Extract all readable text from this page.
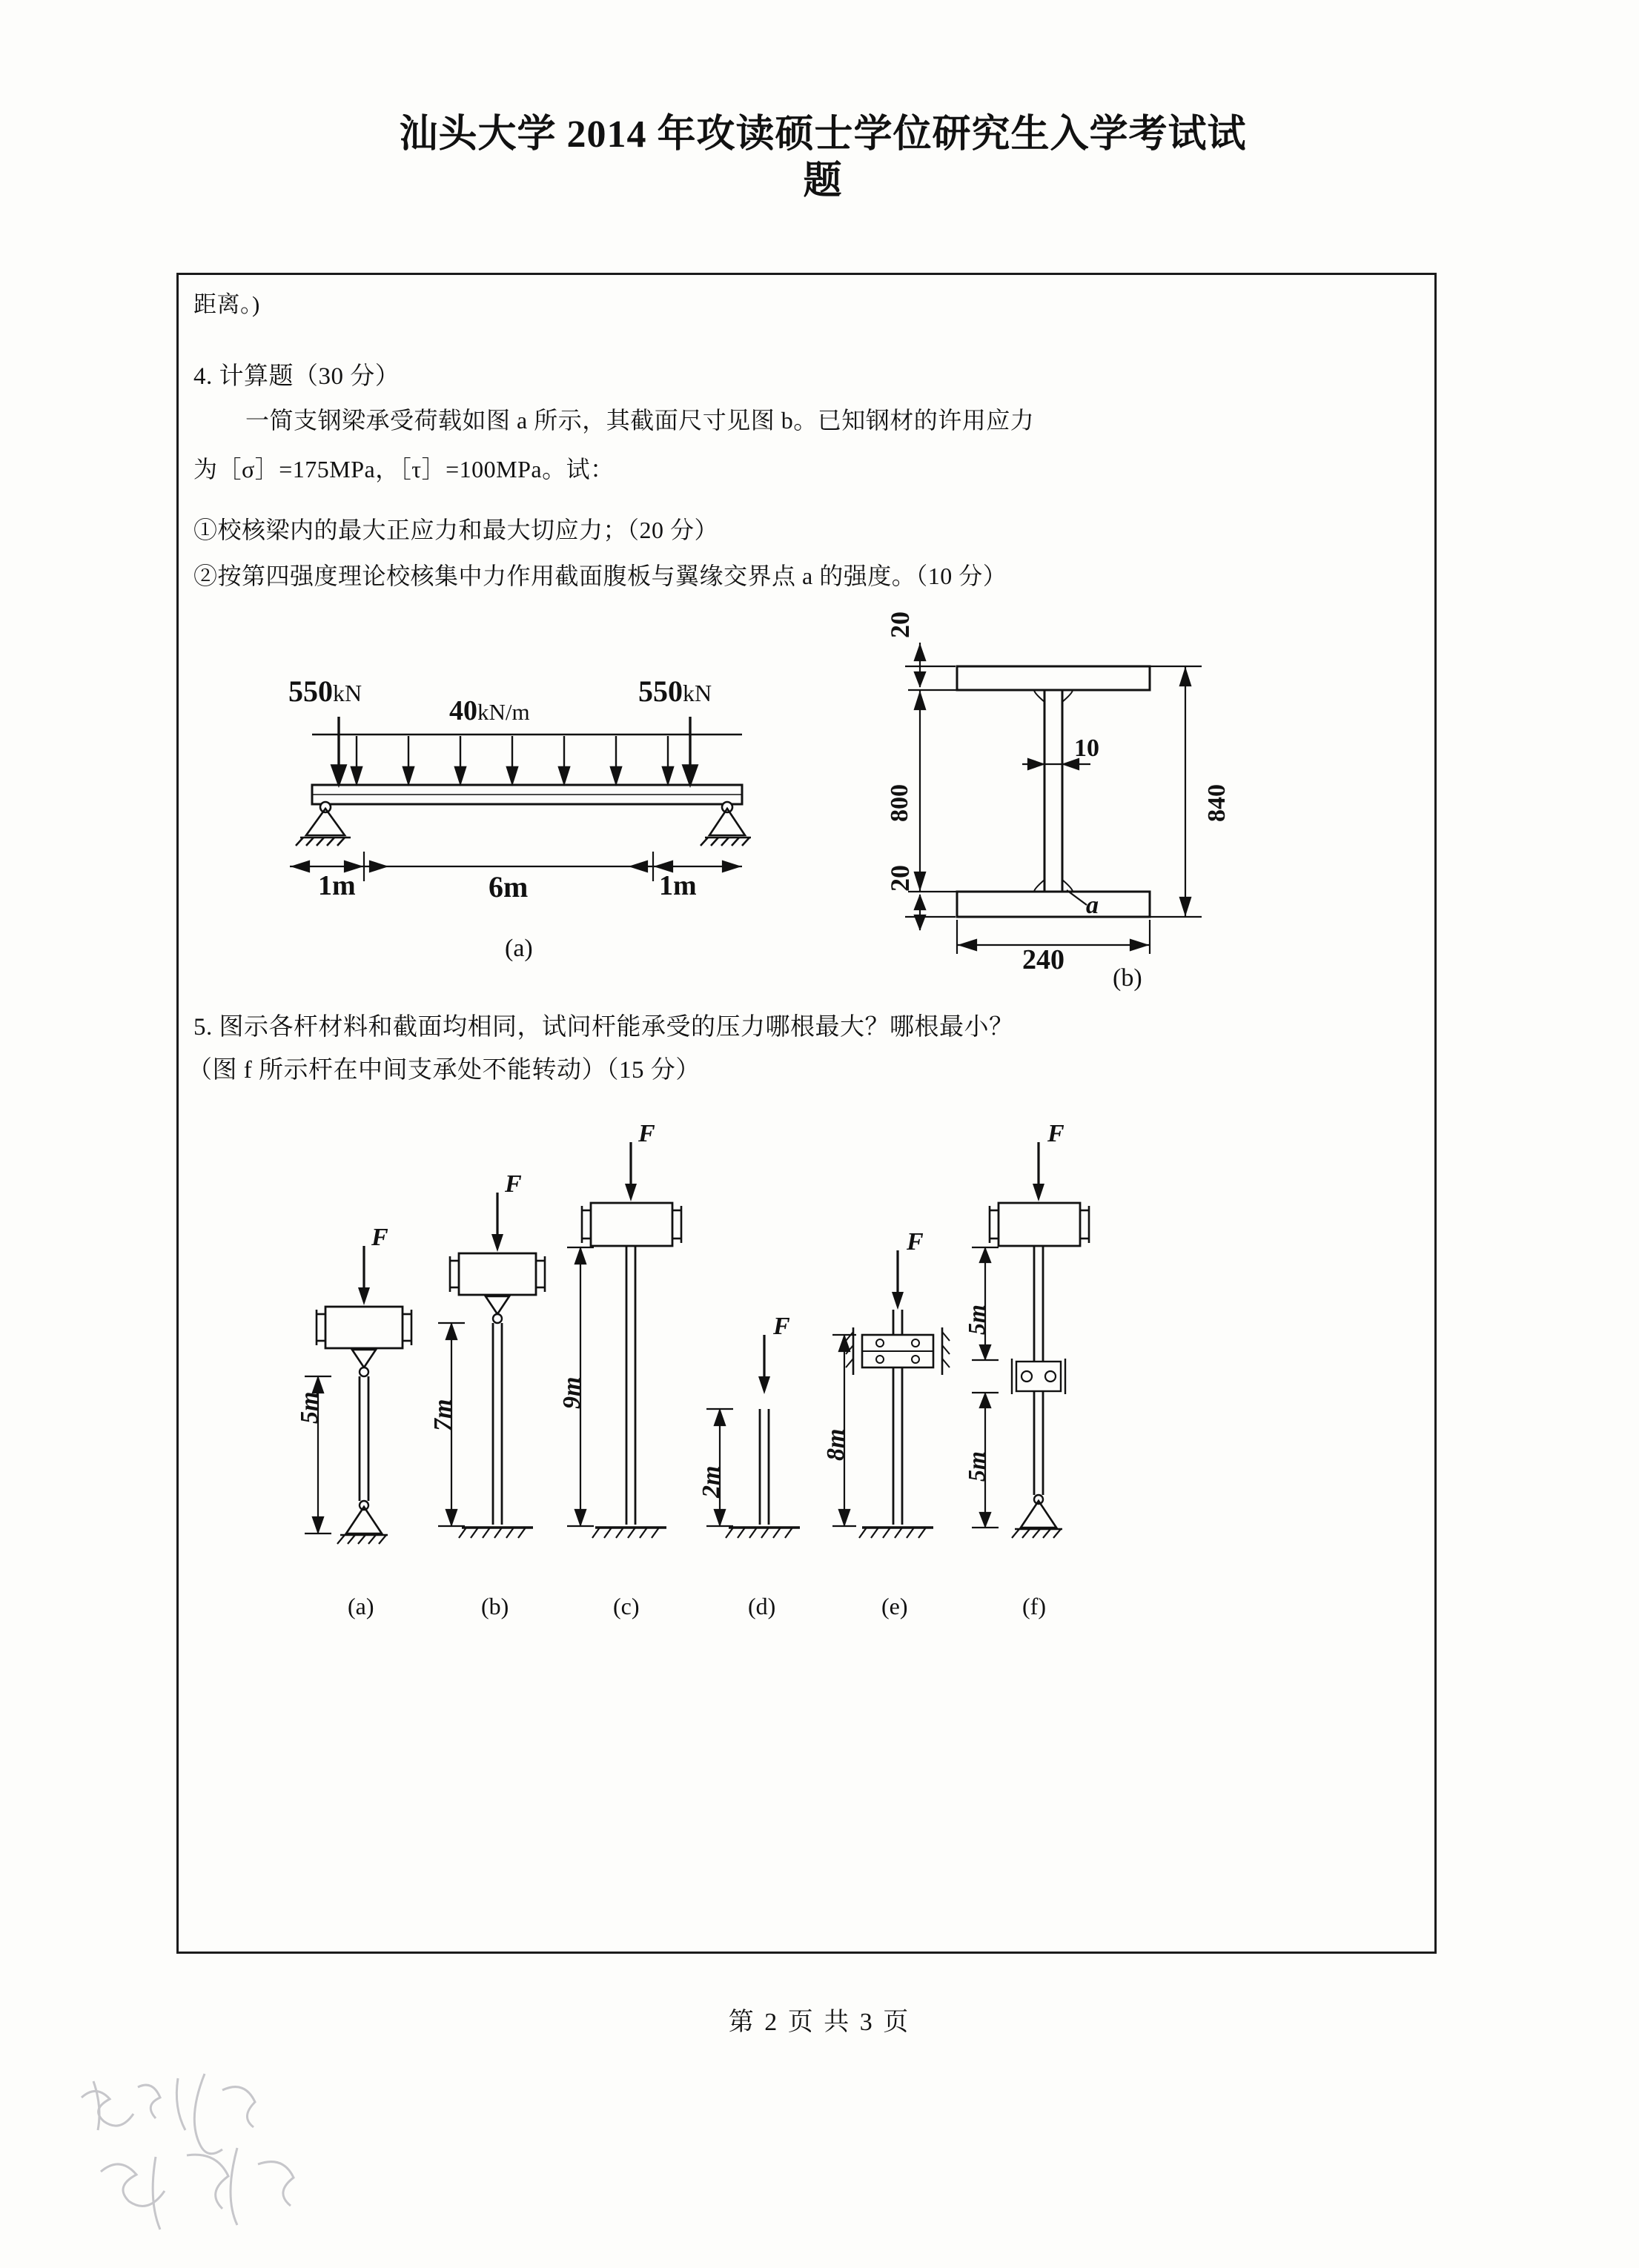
汕头大学 2014 年攻读硕士学位研究生入学考试试
题
距离。)
4. 计算题（30 分）
一简支钢梁承受荷载如图 a 所示，其截面尺寸见图 b。已知钢材的许用应力
为［σ］=175MPa，［τ］=100MPa。试：
①校核梁内的最大正应力和最大切应力；（20 分）
②按第四强度理论校核集中力作用截面腹板与翼缘交界点 a 的强度。（10 分）
550kN	550kN
40kN/m
1m	6m	1m
(a)
20
20
800	840
10
240
a
(b)
5. 图示各杆材料和截面均相同，试问杆能承受的压力哪根最大？哪根最小？
（图 f 所示杆在中间支承处不能转动）（15 分）
F
5m
(a)
F
7m
(b)
F
9m
(c)
F
2m
(d)
F
8m
(e)
F
5m
5m
(f)
第 2 页 共 3 页
